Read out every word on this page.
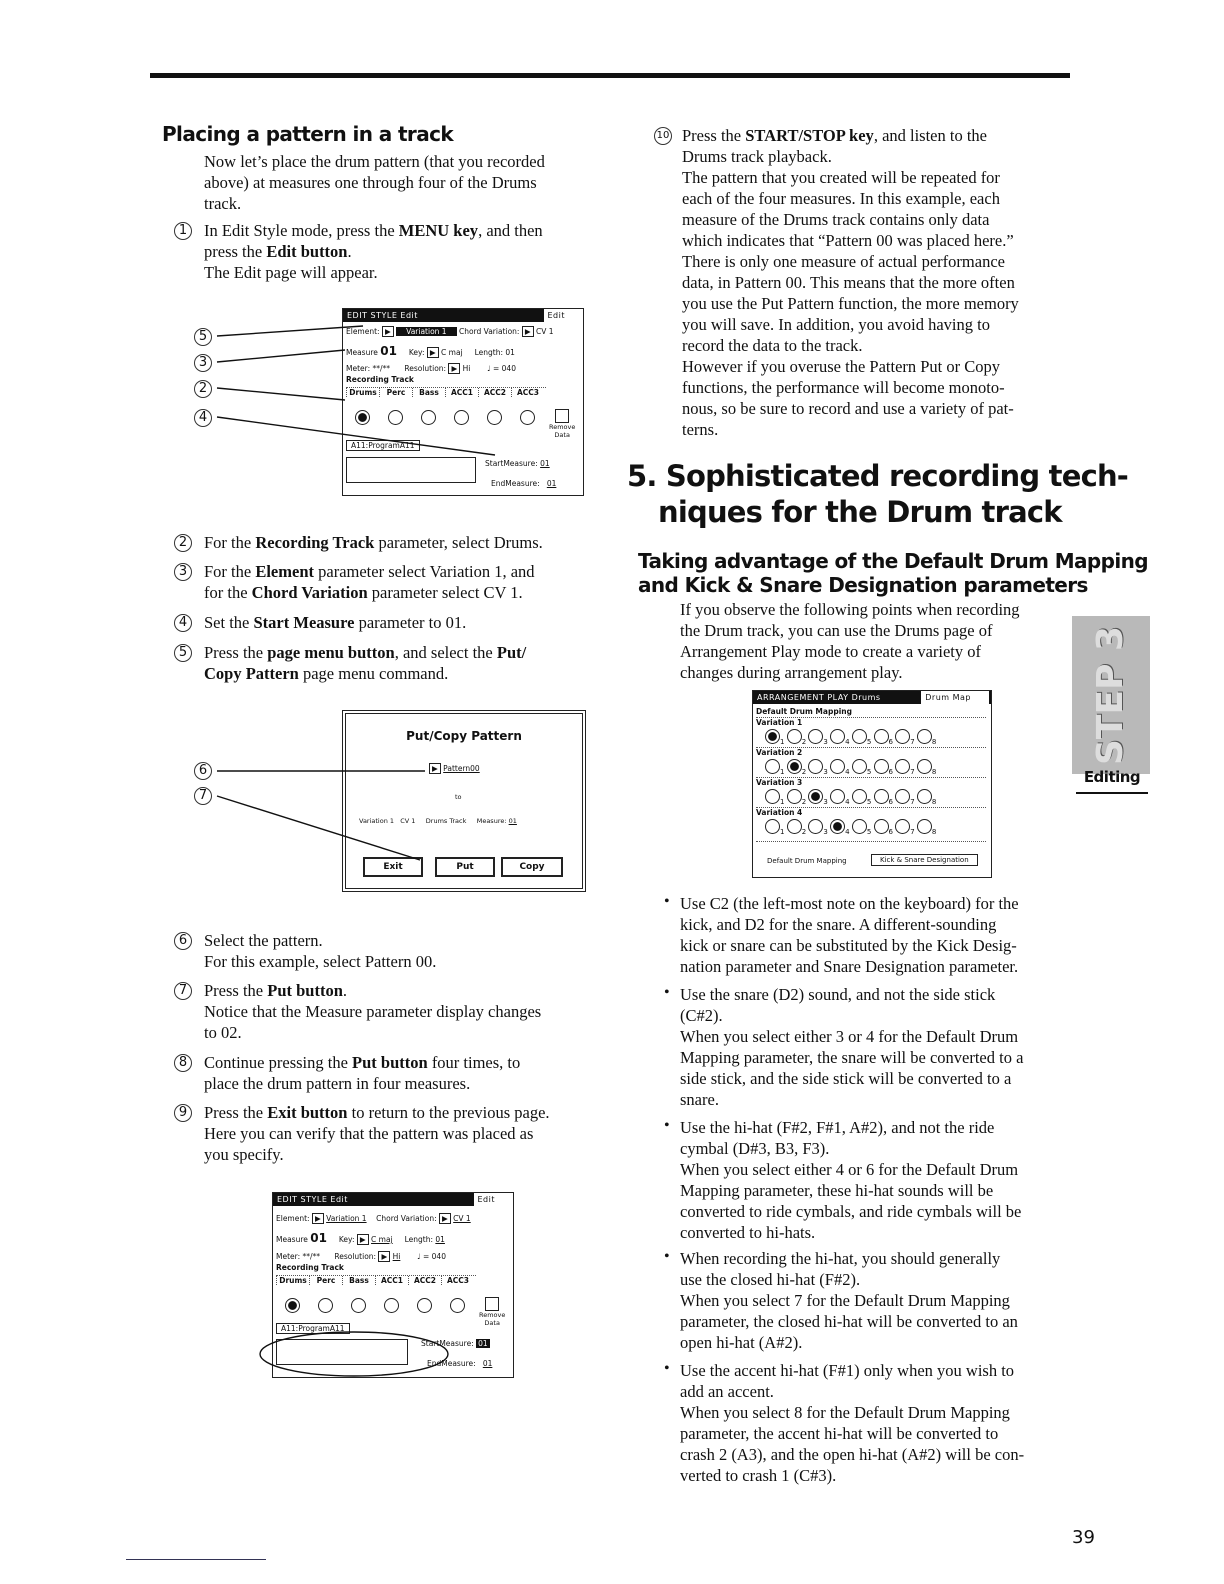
Placing a pattern in a track
Now let’s place the drum pattern (that you recorded
above) at measures one through four of the Drums
track.
1 In Edit Style mode, press the MENU key, and then
press the Edit button.
The Edit page will appear.
EDIT STYLE Edit	Edit
Element: ▶ Variation 1 Chord Variation: ▶ CV 1
Measure 01 Key: ▶ C maj Length: 01
Meter: **/** Resolution: ▶ Hi ♩ = 040
Recording Track
Drums	Perc	Bass	ACC1	ACC2	ACC3
Remove
Data
A11:ProgramA11
StartMeasure: 01
EndMeasure: 01
5
3
2
4
2 For the Recording Track parameter, select Drums.
3 For the Element parameter select Variation 1, and
for the Chord Variation parameter select CV 1.
4 Set the Start Measure parameter to 01.
5 Press the page menu button, and select the Put/
Copy Pattern page menu command.
Put/Copy Pattern
▶ Pattern00
to
Variation 1 CV 1 Drums Track Measure: 01
Exit	Put	Copy
6
7
6 Select the pattern.
For this example, select Pattern 00.
7 Press the Put button.
Notice that the Measure parameter display changes
to 02.
8 Continue pressing the Put button four times, to
place the drum pattern in four measures.
9 Press the Exit button to return to the previous page.
Here you can verify that the pattern was placed as
you specify.
EDIT STYLE Edit	Edit
Element: ▶ Variation 1 Chord Variation: ▶ CV 1
Measure 01 Key: ▶ C maj Length: 01
Meter: **/** Resolution: ▶ Hi ♩ = 040
Recording Track
Drums	Perc	Bass	ACC1	ACC2	ACC3
Remove
Data
A11:ProgramA11
StartMeasure: 01
EndMeasure: 01
10 Press the START/STOP key, and listen to the
Drums track playback.
The pattern that you created will be repeated for
each of the four measures. In this example, each
measure of the Drums track contains only data
which indicates that “Pattern 00 was placed here.”
There is only one measure of actual performance
data, in Pattern 00. This means that the more often
you use the Put Pattern function, the more memory
you will save. In addition, you avoid having to
record the data to the track.
However if you overuse the Pattern Put or Copy
functions, the performance will become monoto-
nous, so be sure to record and use a variety of pat-
terns.
5. Sophisticated recording tech-
niques for the Drum track
Taking advantage of the Default Drum Mapping
and Kick & Snare Designation parameters
If you observe the following points when recording
the Drum track, you can use the Drums page of
Arrangement Play mode to create a variety of
changes during arrangement play.
ARRANGEMENT PLAY Drums	Drum Map
Default Drum Mapping
Variation 1
1 2 3 4 5 6 7 8
Variation 2
1 2 3 4 5 6 7 8
Variation 3
1 2 3 4 5 6 7 8
Variation 4
1 2 3 4 5 6 7 8
Default Drum Mapping	Kick & Snare Designation
• Use C2 (the left-most note on the keyboard) for the
kick, and D2 for the snare. A different-sounding
kick or snare can be substituted by the Kick Desig-
nation parameter and Snare Designation parameter.
• Use the snare (D2) sound, and not the side stick
(C#2).
When you select either 3 or 4 for the Default Drum
Mapping parameter, the snare will be converted to a
side stick, and the side stick will be converted to a
snare.
• Use the hi-hat (F#2, F#1, A#2), and not the ride
cymbal (D#3, B3, F3).
When you select either 4 or 6 for the Default Drum
Mapping parameter, these hi-hat sounds will be
converted to ride cymbals, and ride cymbals will be
converted to hi-hats.
• When recording the hi-hat, you should generally
use the closed hi-hat (F#2).
When you select 7 for the Default Drum Mapping
parameter, the closed hi-hat will be converted to an
open hi-hat (A#2).
• Use the accent hi-hat (F#1) only when you wish to
add an accent.
When you select 8 for the Default Drum Mapping
parameter, the accent hi-hat will be converted to
crash 2 (A3), and the open hi-hat (A#2) will be con-
verted to crash 1 (C#3).
STEP 3
Editing
39
